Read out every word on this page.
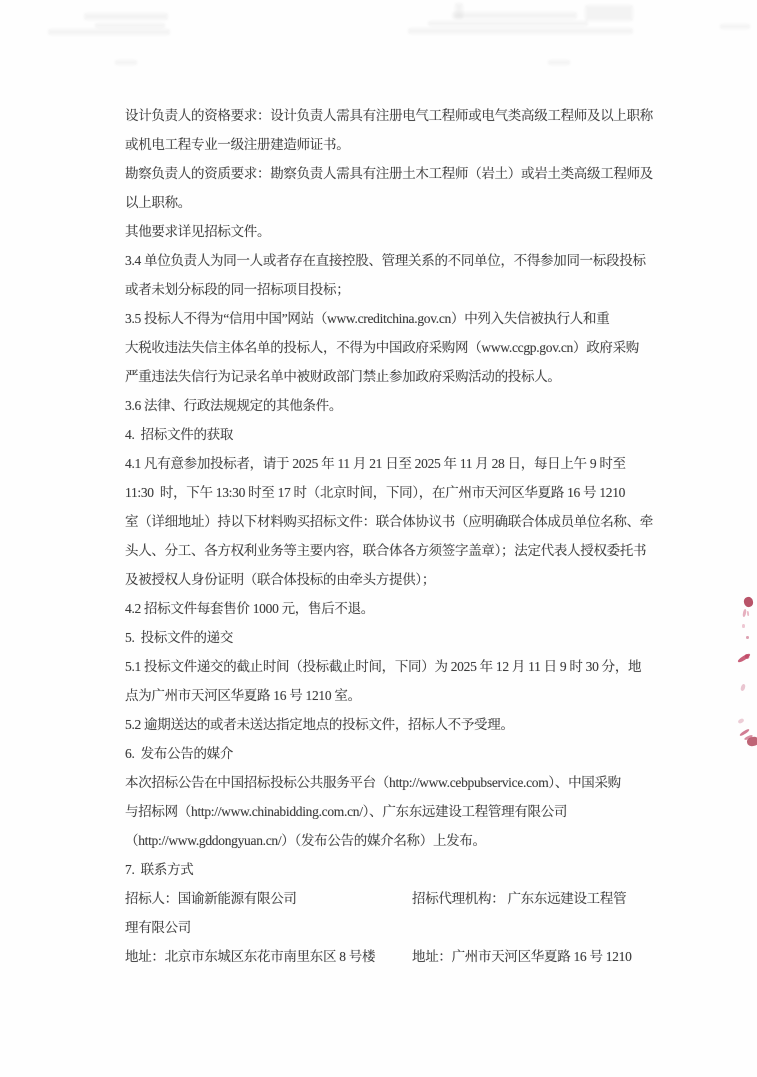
设计负责人的资格要求：设计负责人需具有注册电气工程师或电气类高级工程师及以上职称
或机电工程专业一级注册建造师证书。
勘察负责人的资质要求：勘察负责人需具有注册土木工程师（岩土）或岩土类高级工程师及
以上职称。
其他要求详见招标文件。
3.4 单位负责人为同一人或者存在直接控股、管理关系的不同单位，不得参加同一标段投标
或者未划分标段的同一招标项目投标；
3.5 投标人不得为“信用中国”网站（www.creditchina.gov.cn）中列入失信被执行人和重
大税收违法失信主体名单的投标人，不得为中国政府采购网（www.ccgp.gov.cn）政府采购
严重违法失信行为记录名单中被财政部门禁止参加政府采购活动的投标人。
3.6 法律、行政法规规定的其他条件。
4.  招标文件的获取
4.1 凡有意参加投标者，请于 2025 年 11 月 21 日至 2025 年 11 月 28 日，每日上午 9 时至
11:30  时，下午 13:30 时至 17 时（北京时间，下同），在广州市天河区华夏路 16 号 1210
室（详细地址）持以下材料购买招标文件：联合体协议书（应明确联合体成员单位名称、牵
头人、分工、各方权利业务等主要内容，联合体各方须签字盖章）；法定代表人授权委托书
及被授权人身份证明（联合体投标的由牵头方提供）；
4.2 招标文件每套售价 1000 元，售后不退。
5.  投标文件的递交
5.1 投标文件递交的截止时间（投标截止时间，下同）为 2025 年 12 月 11 日 9 时 30 分，地
点为广州市天河区华夏路 16 号 1210 室。
5.2 逾期送达的或者未送达指定地点的投标文件，招标人不予受理。
6.  发布公告的媒介
本次招标公告在中国招标投标公共服务平台（http://www.cebpubservice.com）、中国采购
与招标网（http://www.chinabidding.com.cn/）、广东东远建设工程管理有限公司
（http://www.gddongyuan.cn/）（发布公告的媒介名称）上发布。
7.  联系方式
招标人：国谕新能源有限公司	招标代理机构： 广东东远建设工程管
理有限公司
地址：北京市东城区东花市南里东区 8 号楼	地址：广州市天河区华夏路 16 号 1210
